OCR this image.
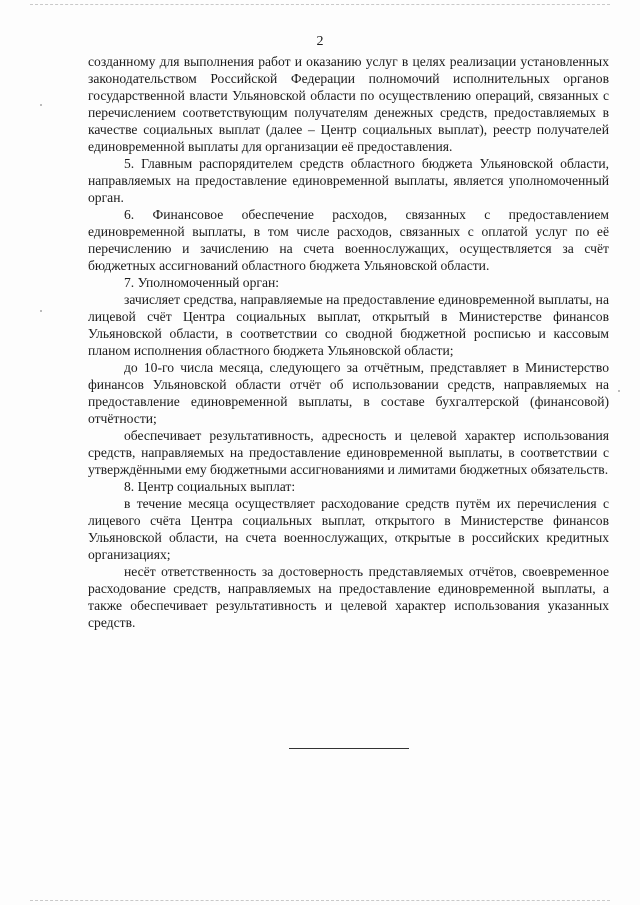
2

созданному для выполнения работ и оказанию услуг в целях реализации установленных законодательством Российской Федерации полномочий исполнительных органов государственной власти Ульяновской области по осуществлению операций, связанных с перечислением соответствующим получателям денежных средств, предоставляемых в качестве социальных выплат (далее – Центр социальных выплат), реестр получателей единовременной выплаты для организации её предоставления.

5. Главным распорядителем средств областного бюджета Ульяновской области, направляемых на предоставление единовременной выплаты, является уполномоченный орган.

6. Финансовое обеспечение расходов, связанных с предоставлением единовременной выплаты, в том числе расходов, связанных с оплатой услуг по её перечислению и зачислению на счета военнослужащих, осуществляется за счёт бюджетных ассигнований областного бюджета Ульяновской области.

7. Уполномоченный орган:

зачисляет средства, направляемые на предоставление единовременной выплаты, на лицевой счёт Центра социальных выплат, открытый в Министерстве финансов Ульяновской области, в соответствии со сводной бюджетной росписью и кассовым планом исполнения областного бюджета Ульяновской области;

до 10-го числа месяца, следующего за отчётным, представляет в Министерство финансов Ульяновской области отчёт об использовании средств, направляемых на предоставление единовременной выплаты, в составе бухгалтерской (финансовой) отчётности;

обеспечивает результативность, адресность и целевой характер использования средств, направляемых на предоставление единовременной выплаты, в соответствии с утверждёнными ему бюджетными ассигнованиями и лимитами бюджетных обязательств.

8. Центр социальных выплат:

в течение месяца осуществляет расходование средств путём их перечисления с лицевого счёта Центра социальных выплат, открытого в Министерстве финансов Ульяновской области, на счета военнослужащих, открытые в российских кредитных организациях;

несёт ответственность за достоверность представляемых отчётов, своевременное расходование средств, направляемых на предоставление единовременной выплаты, а также обеспечивает результативность и целевой характер использования указанных средств.
